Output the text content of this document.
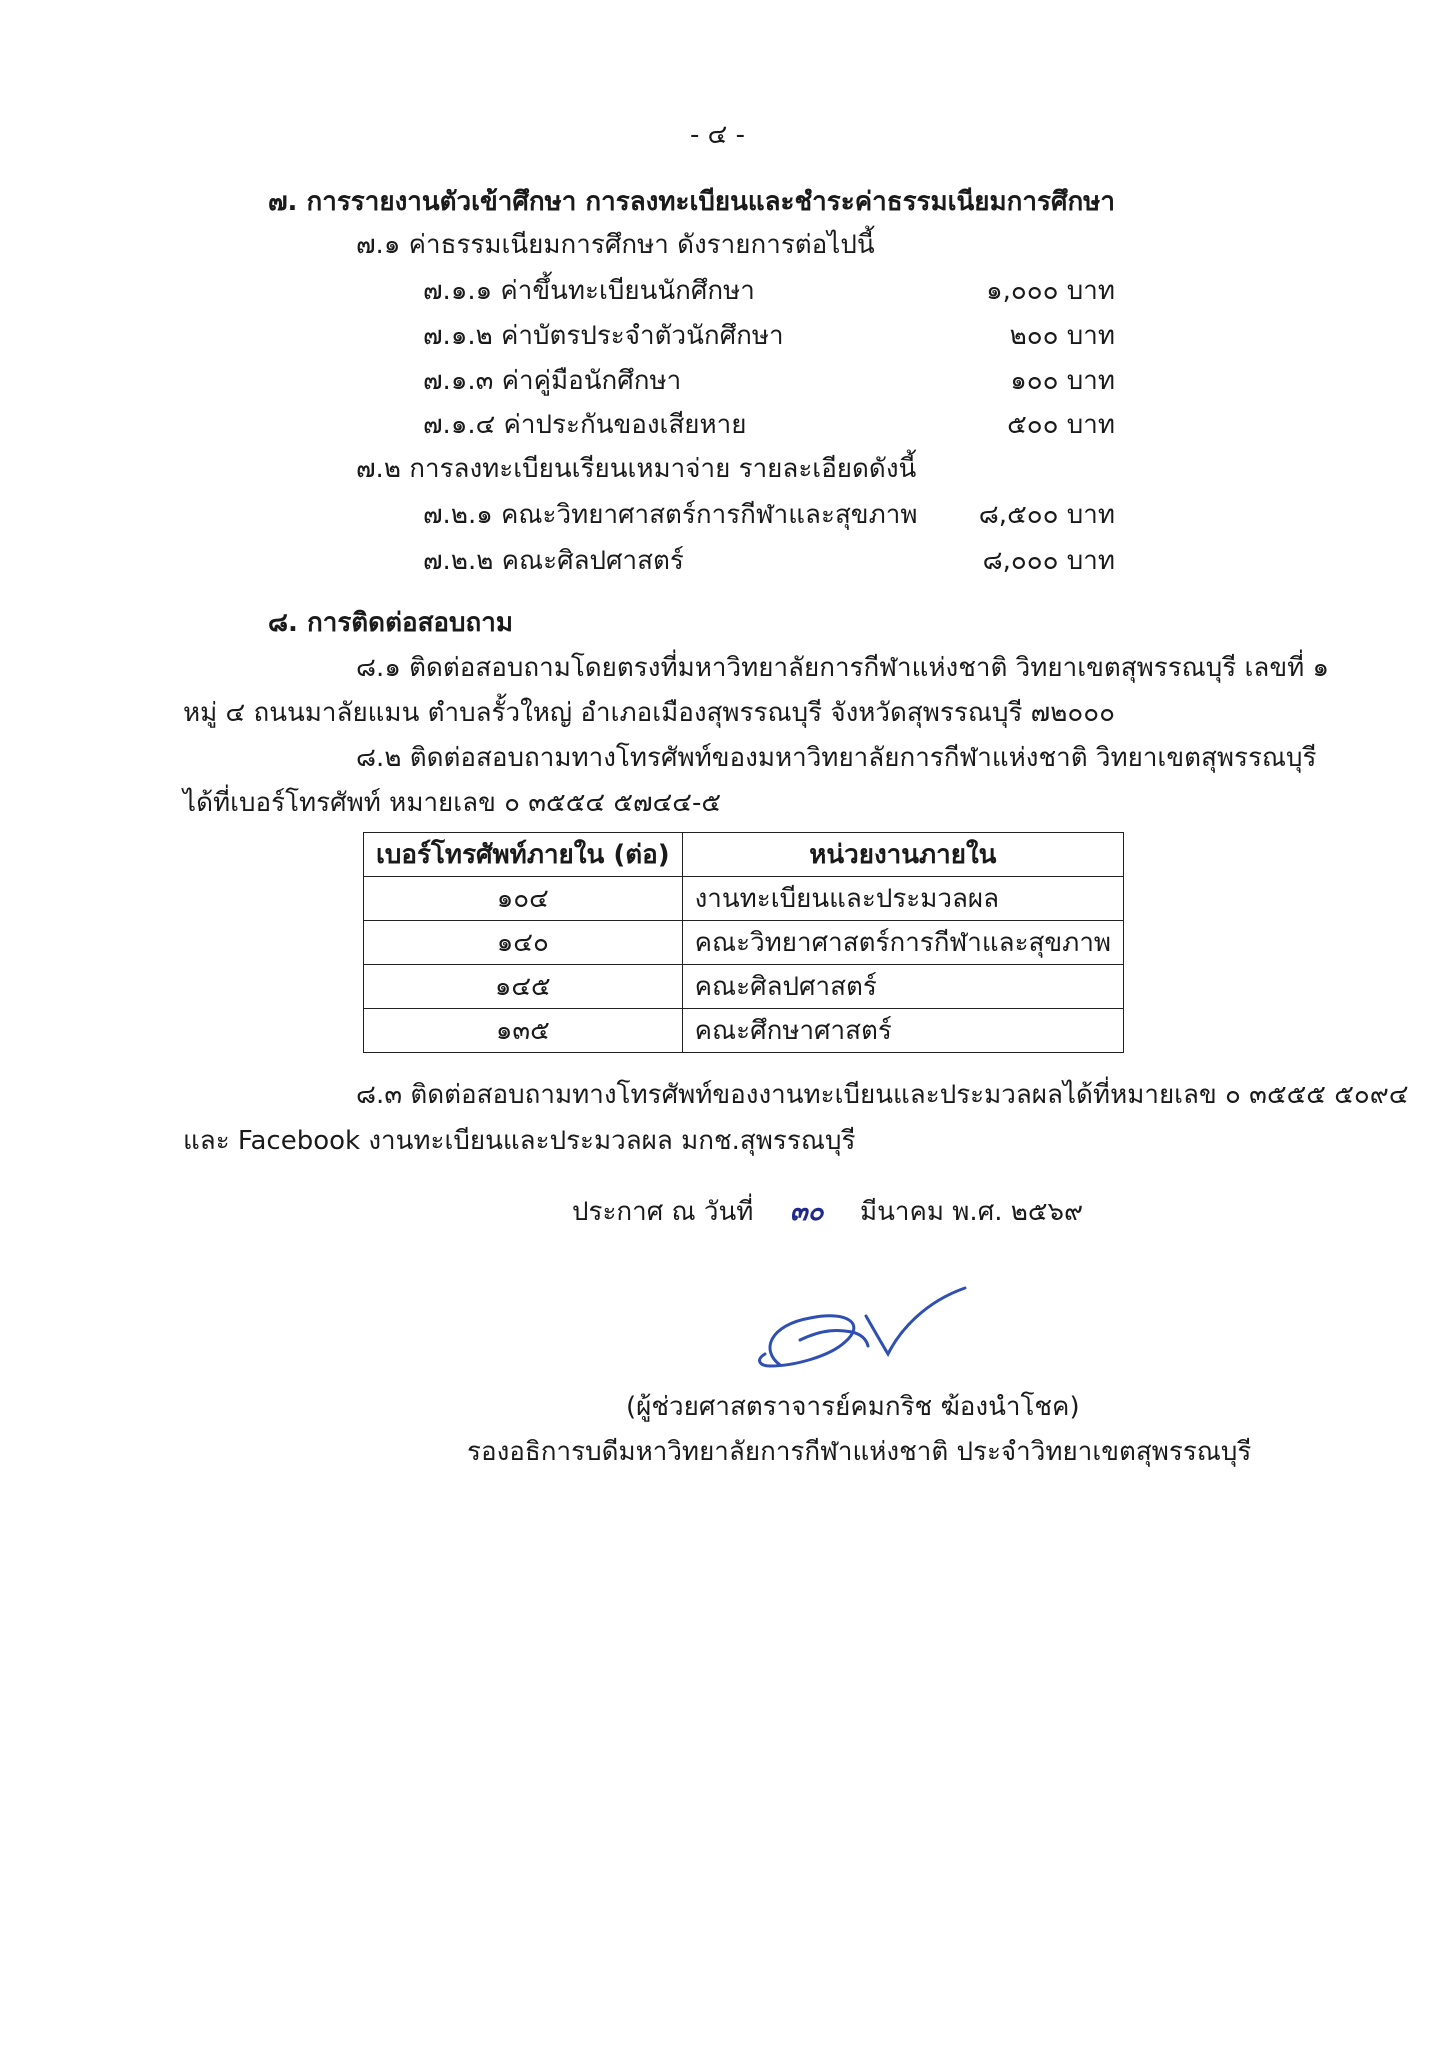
- ๔ -
๗. การรายงานตัวเข้าศึกษา การลงทะเบียนและชำระค่าธรรมเนียมการศึกษา
๗.๑ ค่าธรรมเนียมการศึกษา ดังรายการต่อไปนี้
๗.๑.๑ ค่าขึ้นทะเบียนนักศึกษา	๑,๐๐๐ บาท
๗.๑.๒ ค่าบัตรประจำตัวนักศึกษา	๒๐๐ บาท
๗.๑.๓ ค่าคู่มือนักศึกษา	๑๐๐ บาท
๗.๑.๔ ค่าประกันของเสียหาย	๕๐๐ บาท
๗.๒ การลงทะเบียนเรียนเหมาจ่าย รายละเอียดดังนี้
๗.๒.๑ คณะวิทยาศาสตร์การกีฬาและสุขภาพ	๘,๕๐๐ บาท
๗.๒.๒ คณะศิลปศาสตร์	๘,๐๐๐ บาท
๘. การติดต่อสอบถาม
๘.๑ ติดต่อสอบถามโดยตรงที่มหาวิทยาลัยการกีฬาแห่งชาติ วิทยาเขตสุพรรณบุรี เลขที่ ๑
หมู่ ๔ ถนนมาลัยแมน ตำบลรั้วใหญ่ อำเภอเมืองสุพรรณบุรี จังหวัดสุพรรณบุรี ๗๒๐๐๐
๘.๒ ติดต่อสอบถามทางโทรศัพท์ของมหาวิทยาลัยการกีฬาแห่งชาติ วิทยาเขตสุพรรณบุรี
ได้ที่เบอร์โทรศัพท์ หมายเลข ๐ ๓๕๕๔ ๕๗๔๔-๕
เบอร์โทรศัพท์ภายใน (ต่อ)	หน่วยงานภายใน
๑๐๔	งานทะเบียนและประมวลผล
๑๔๐	คณะวิทยาศาสตร์การกีฬาและสุขภาพ
๑๔๕	คณะศิลปศาสตร์
๑๓๕	คณะศึกษาศาสตร์
๘.๓ ติดต่อสอบถามทางโทรศัพท์ของงานทะเบียนและประมวลผลได้ที่หมายเลข ๐ ๓๕๕๕ ๕๐๙๔
และ Facebook งานทะเบียนและประมวลผล มกช.สุพรรณบุรี
ประกาศ ณ วันที่ ๓๐ มีนาคม พ.ศ. ๒๕๖๙
(ผู้ช่วยศาสตราจารย์คมกริช ฆ้องนำโชค)
รองอธิการบดีมหาวิทยาลัยการกีฬาแห่งชาติ ประจำวิทยาเขตสุพรรณบุรี
